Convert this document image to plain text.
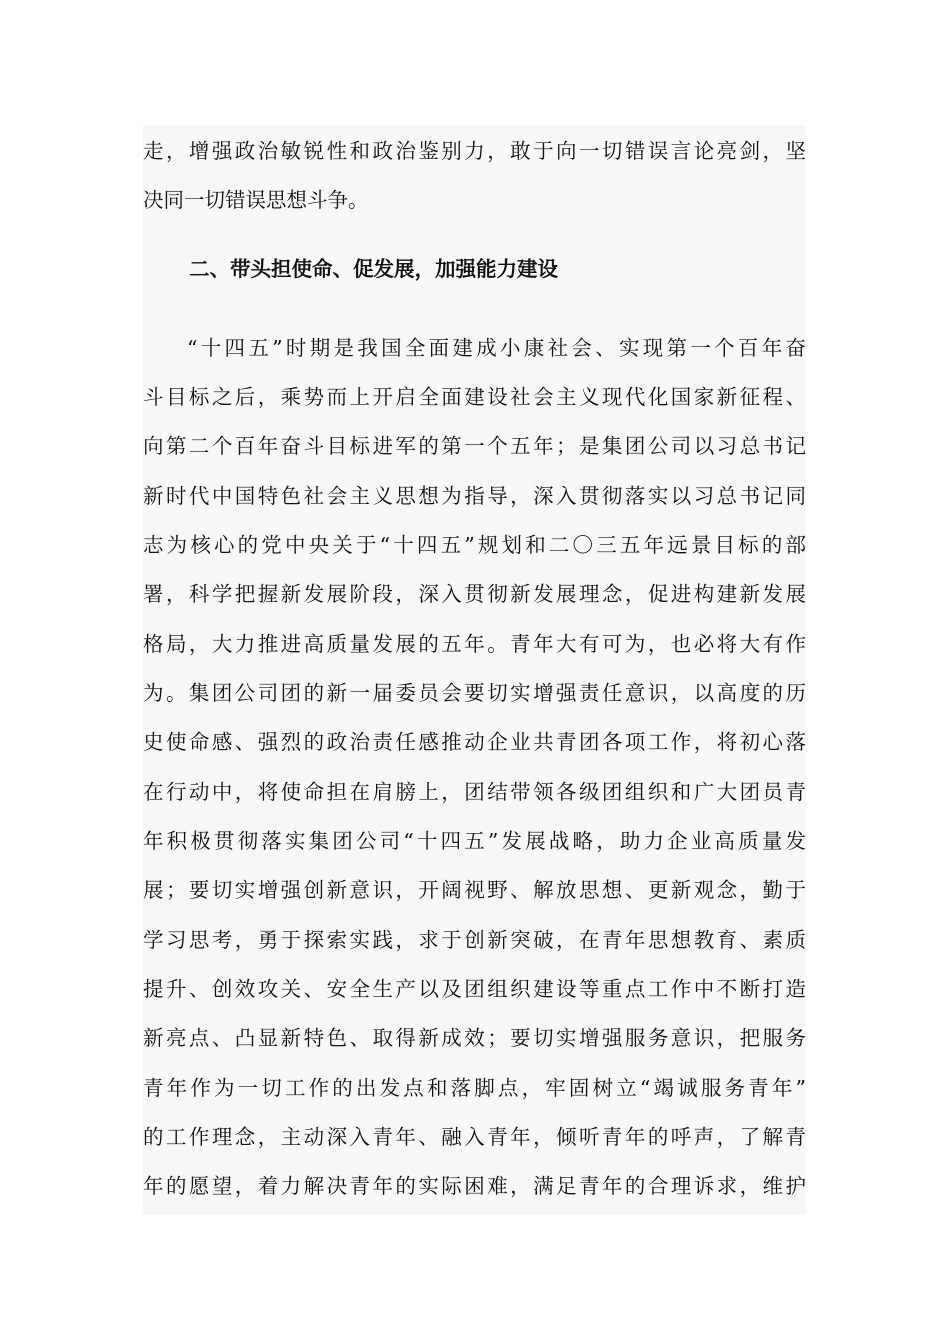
走，增强政治敏锐性和政治鉴别力，敢于向一切错误言论亮剑，坚
决同一切错误思想斗争。
二、带头担使命、促发展，加强能力建设
“十四五”时期是我国全面建成小康社会、实现第一个百年奋
斗目标之后，乘势而上开启全面建设社会主义现代化国家新征程、
向第二个百年奋斗目标进军的第一个五年；是集团公司以习总书记
新时代中国特色社会主义思想为指导，深入贯彻落实以习总书记同
志为核心的党中央关于“十四五”规划和二〇三五年远景目标的部
署，科学把握新发展阶段，深入贯彻新发展理念，促进构建新发展
格局，大力推进高质量发展的五年。青年大有可为，也必将大有作
为。集团公司团的新一届委员会要切实增强责任意识，以高度的历
史使命感、强烈的政治责任感推动企业共青团各项工作，将初心落
在行动中，将使命担在肩膀上，团结带领各级团组织和广大团员青
年积极贯彻落实集团公司“十四五”发展战略，助力企业高质量发
展；要切实增强创新意识，开阔视野、解放思想、更新观念，勤于
学习思考，勇于探索实践，求于创新突破，在青年思想教育、素质
提升、创效攻关、安全生产以及团组织建设等重点工作中不断打造
新亮点、凸显新特色、取得新成效；要切实增强服务意识，把服务
青年作为一切工作的出发点和落脚点，牢固树立“竭诚服务青年”
的工作理念，主动深入青年、融入青年，倾听青年的呼声，了解青
年的愿望，着力解决青年的实际困难，满足青年的合理诉求，维护
